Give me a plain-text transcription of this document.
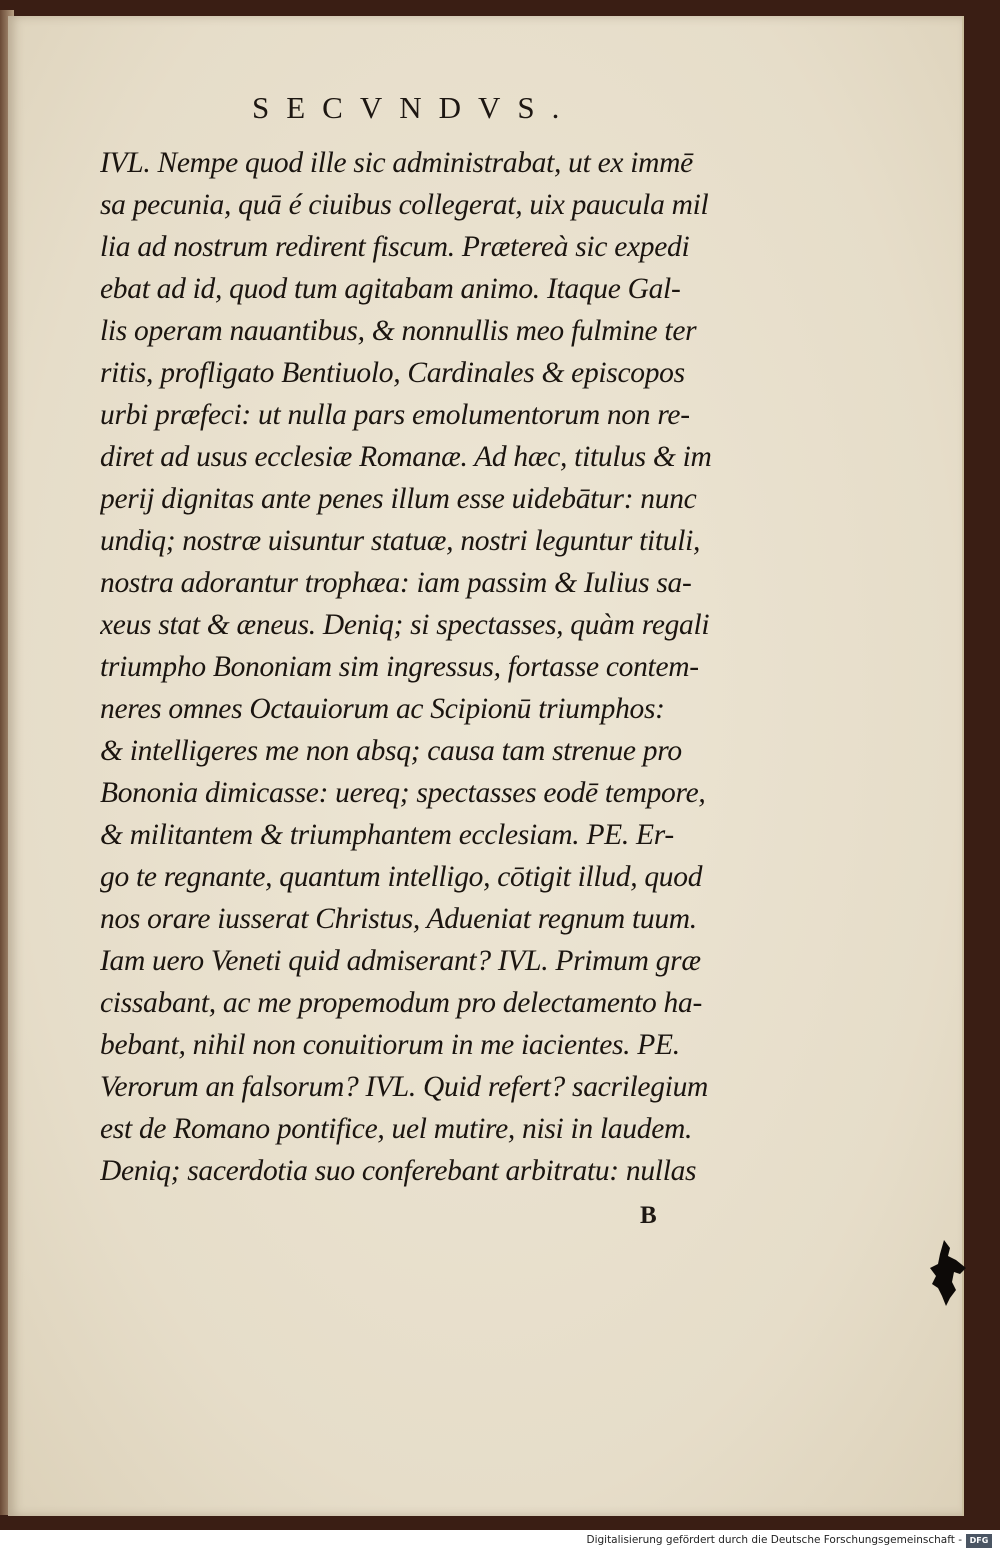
SECVNDVS.
IVL. Nempe quod ille sic administrabat, ut ex immē
sa pecunia, quā é ciuibus collegerat, uix paucula mil
lia ad nostrum redirent fiscum. Prætereà sic expedi
ebat ad id, quod tum agitabam animo. Itaque Gal-
lis operam nauantibus, & nonnullis meo fulmine ter
ritis, profligato Bentiuolo, Cardinales & episcopos
urbi præfeci: ut nulla pars emolumentorum non re-
diret ad usus ecclesiæ Romanæ. Ad hæc, titulus & im
perij dignitas ante penes illum esse uidebātur: nunc
undiq; nostræ uisuntur statuæ, nostri leguntur tituli,
nostra adorantur trophæa: iam passim & Iulius sa-
xeus stat & æneus. Deniq; si spectasses, quàm regali
triumpho Bononiam sim ingressus, fortasse contem-
neres omnes Octauiorum ac Scipionū triumphos:
& intelligeres me non absq; causa tam strenue pro
Bononia dimicasse: uereq; spectasses eodē tempore,
& militantem & triumphantem ecclesiam. PE. Er-
go te regnante, quantum intelligo, cōtigit illud, quod
nos orare iusserat Christus, Adueniat regnum tuum.
Iam uero Veneti quid admiserant? IVL. Primum græ
cissabant, ac me propemodum pro delectamento ha-
bebant, nihil non conuitiorum in me iacientes. PE.
Verorum an falsorum? IVL. Quid refert? sacrilegium
est de Romano pontifice, uel mutire, nisi in laudem.
Deniq; sacerdotia suo conferebant arbitratu: nullas
B
Digitalisierung gefördert durch die Deutsche Forschungsgemeinschaft - DFG
